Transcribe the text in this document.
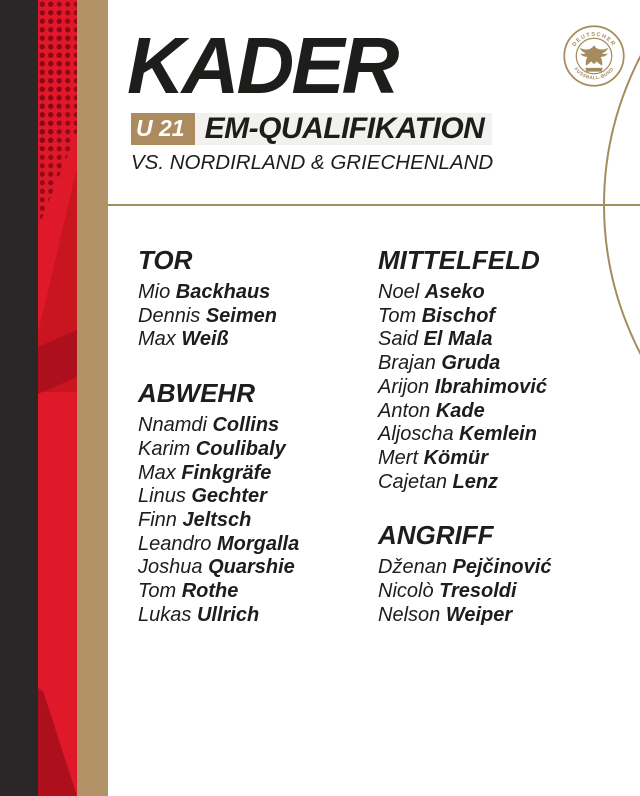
DEUTSCHER
FUSSBALL-BUND
KADER
U 21 EM-QUALIFIKATION
VS. NORDIRLAND & GRIECHENLAND
TOR
Mio Backhaus
Dennis Seimen
Max Weiß
ABWEHR
Nnamdi Collins
Karim Coulibaly
Max Finkgräfe
Linus Gechter
Finn Jeltsch
Leandro Morgalla
Joshua Quarshie
Tom Rothe
Lukas Ullrich
MITTELFELD
Noel Aseko
Tom Bischof
Said El Mala
Brajan Gruda
Arijon Ibrahimović
Anton Kade
Aljoscha Kemlein
Mert Kömür
Cajetan Lenz
ANGRIFF
Dženan Pejčinović
Nicolò Tresoldi
Nelson Weiper
